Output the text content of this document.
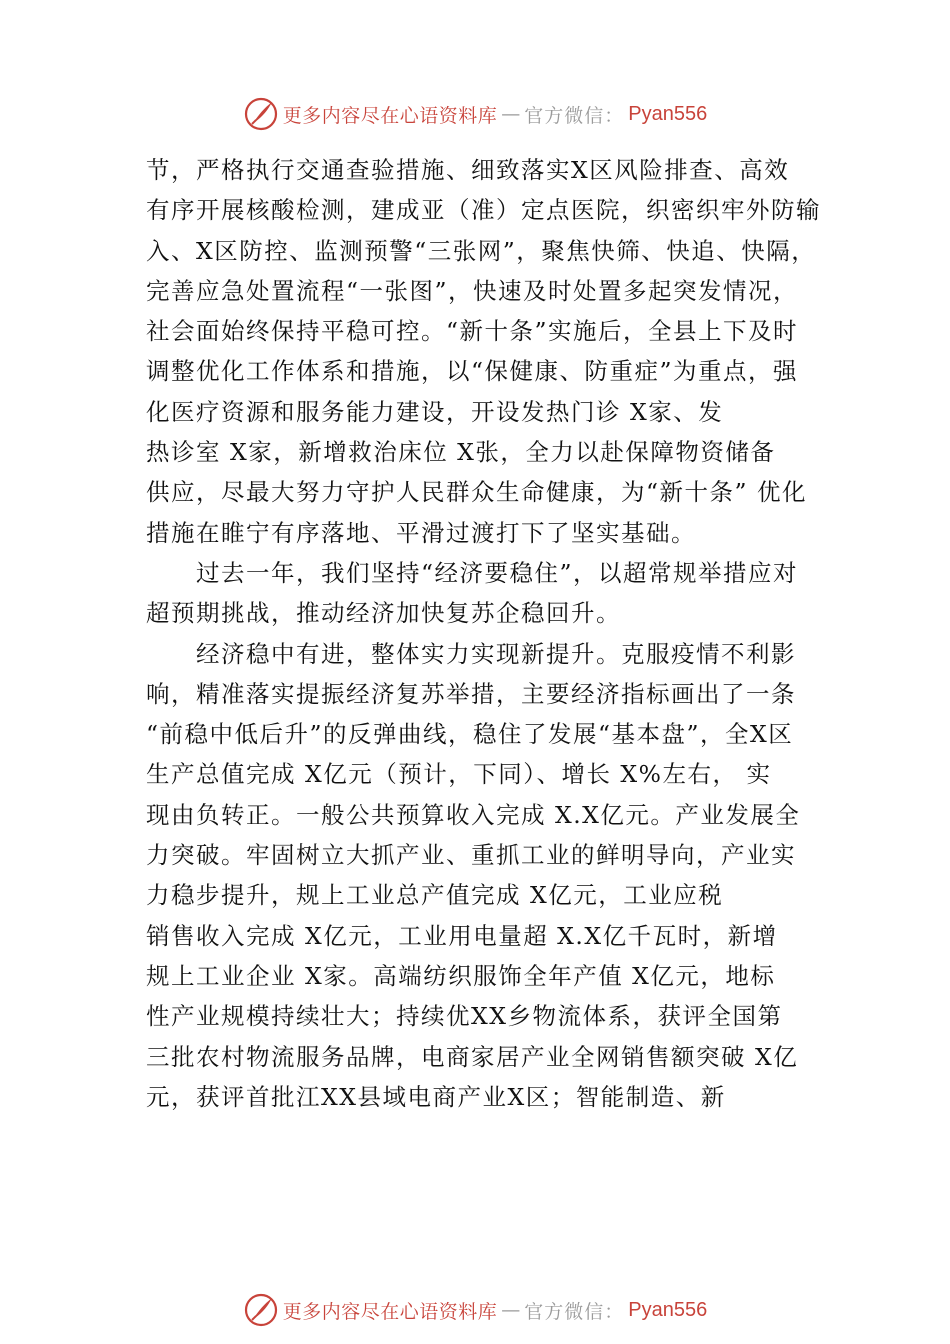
更多内容尽在心语资料库 — 官方微信： Pyan556
节，严格执行交通查验措施、细致落实X区风险排查、高效
有序开展核酸检测，建成亚（准）定点医院，织密织牢外防输
入、X区防控、监测预警“三张网”，聚焦快筛、快追、快隔，
完善应急处置流程“一张图”，快速及时处置多起突发情况，
社会面始终保持平稳可控。“新十条”实施后，全县上下及时
调整优化工作体系和措施，以“保健康、防重症”为重点，强
化医疗资源和服务能力建设，开设发热门诊 X家、发
热诊室 X家，新增救治床位 X张，全力以赴保障物资储备
供应，尽最大努力守护人民群众生命健康，为“新十条” 优化
措施在睢宁有序落地、平滑过渡打下了坚实基础。
过去一年，我们坚持“经济要稳住”，以超常规举措应对
超预期挑战，推动经济加快复苏企稳回升。
经济稳中有进，整体实力实现新提升。克服疫情不利影
响，精准落实提振经济复苏举措，主要经济指标画出了一条
“前稳中低后升”的反弹曲线，稳住了发展“基本盘”，全X区
生产总值完成 X亿元（预计，下同）、增长 X%左右， 实
现由负转正。一般公共预算收入完成 X.X亿元。产业发展全
力突破。牢固树立大抓产业、重抓工业的鲜明导向，产业实
力稳步提升，规上工业总产值完成 X亿元，工业应税
销售收入完成 X亿元，工业用电量超 X.X亿千瓦时，新增
规上工业企业 X家。高端纺织服饰全年产值 X亿元，地标
性产业规模持续壮大；持续优XX乡物流体系，获评全国第
三批农村物流服务品牌，电商家居产业全网销售额突破 X亿
元，获评首批江XX县域电商产业X区；智能制造、新
更多内容尽在心语资料库 — 官方微信： Pyan556
